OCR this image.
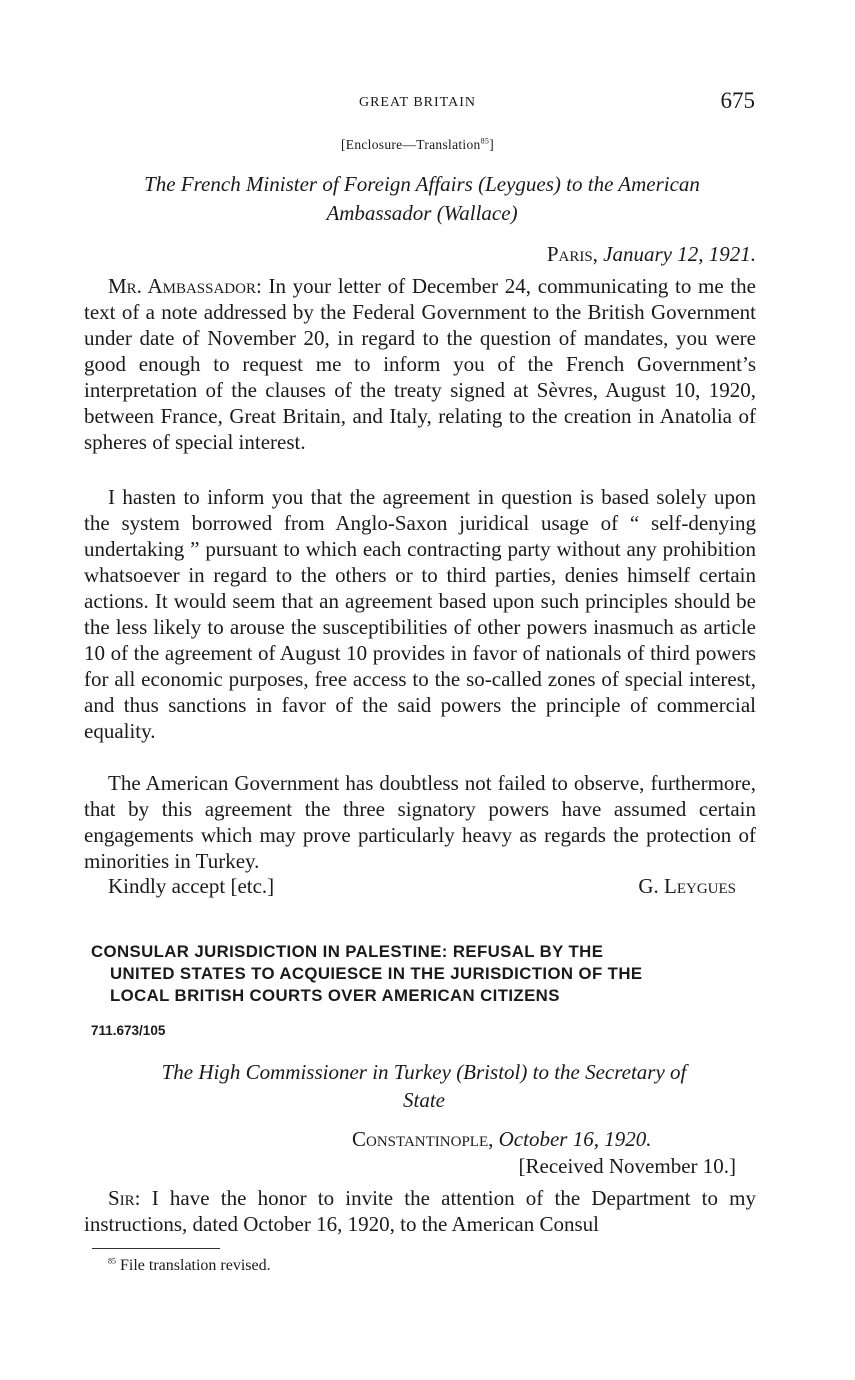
GREAT BRITAIN	675
[Enclosure—Translation$^{85}$]
The French Minister of Foreign Affairs (Leygues) to the American
Ambassador (Wallace)
Paris, January 12, 1921.
Mr. Ambassador: In your letter of December 24, communicating to me the text of a note addressed by the Federal Government to the British Government under date of November 20, in regard to the question of mandates, you were good enough to request me to inform you of the French Government’s interpretation of the clauses of the treaty signed at Sèvres, August 10, 1920, between France, Great Britain, and Italy, relating to the creation in Anatolia of spheres of special interest.
I hasten to inform you that the agreement in question is based solely upon the system borrowed from Anglo-Saxon juridical usage of “ self-denying undertaking ” pursuant to which each contracting party without any prohibition whatsoever in regard to the others or to third parties, denies himself certain actions. It would seem that an agreement based upon such principles should be the less likely to arouse the susceptibilities of other powers inasmuch as article 10 of the agreement of August 10 provides in favor of nationals of third powers for all economic purposes, free access to the so-called zones of special interest, and thus sanctions in favor of the said powers the principle of commercial equality.
The American Government has doubtless not failed to observe, furthermore, that by this agreement the three signatory powers have assumed certain engagements which may prove particularly heavy as regards the protection of minorities in Turkey.
Kindly accept [etc.]	G. Leygues
CONSULAR JURISDICTION IN PALESTINE: REFUSAL BY THE
UNITED STATES TO ACQUIESCE IN THE JURISDICTION OF THE
LOCAL BRITISH COURTS OVER AMERICAN CITIZENS
711.673/105
The High Commissioner in Turkey (Bristol) to the Secretary of
State
Constantinople, October 16, 1920.
[Received November 10.]
Sir: I have the honor to invite the attention of the Department to my instructions, dated October 16, 1920, to the American Consul
$^{85}$ File translation revised.
